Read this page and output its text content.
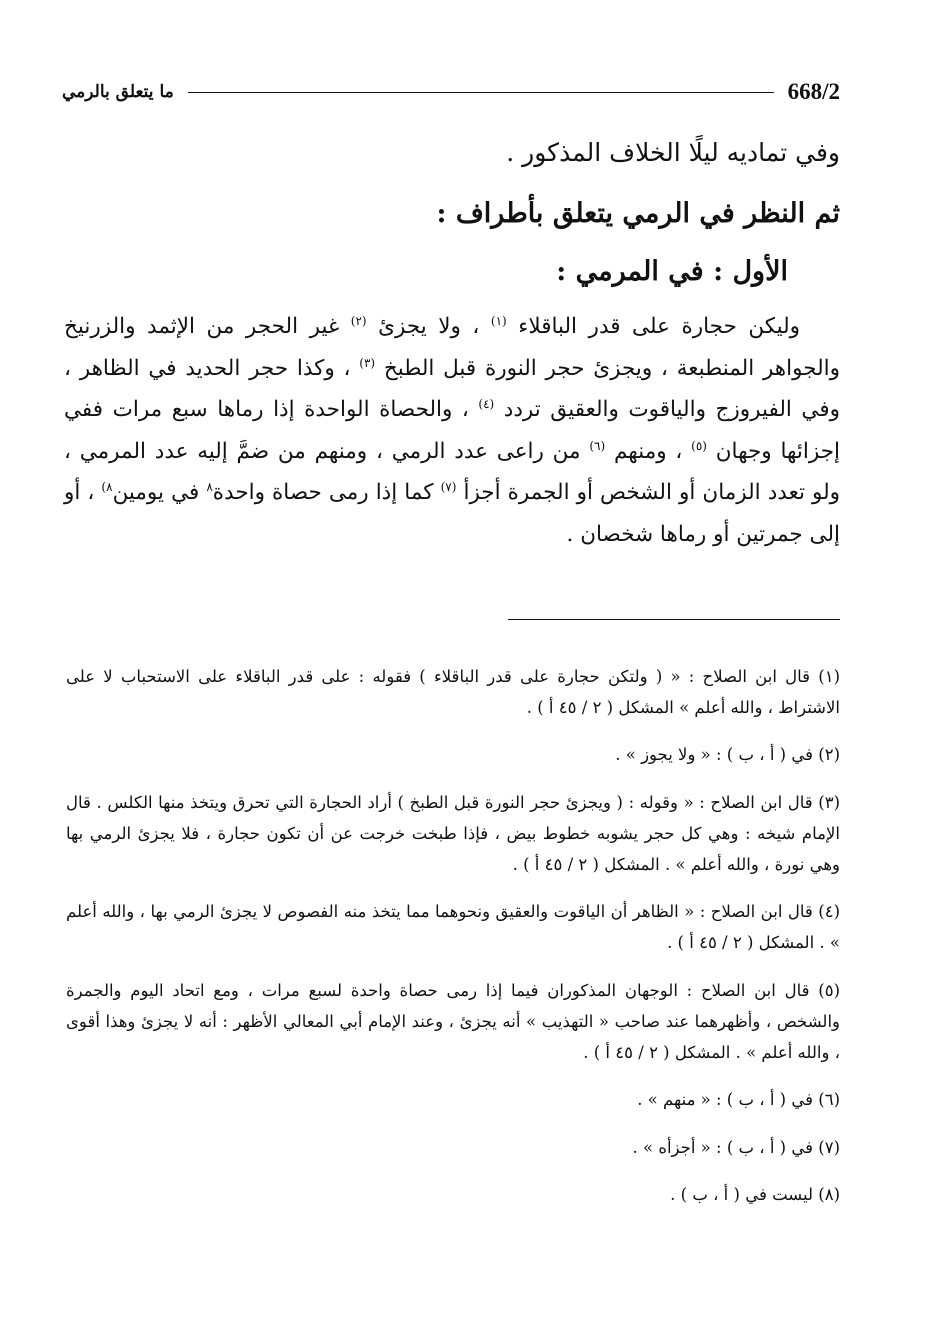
668/2
ما يتعلق بالرمي
وفي تماديه ليلًا الخلاف المذكور .
ثم النظر في الرمي يتعلق بأطراف :
الأول : في المرمي :

وليكن حجارة على قدر الباقلاء $^{(١)}$ ، ولا يجزئ $^{(٢)}$ غير الحجر من الإثمد والزرنيخ والجواهر المنطبعة ، ويجزئ حجر النورة قبل الطبخ $^{(٣)}$ ، وكذا حجر الحديد في الظاهر ، وفي الفيروزج والياقوت والعقيق تردد $^{(٤)}$ ، والحصاة الواحدة إذا رماها سبع مرات ففي إجزائها وجهان $^{(٥)}$ ، ومنهم $^{(٦)}$ من راعى عدد الرمي ، ومنهم من ضمَّ إليه عدد المرمي ، ولو تعدد الزمان أو الشخص أو الجمرة أجزأ $^{(٧)}$ كما إذا رمى حصاة واحدة$^٨$ في يومين$^{٨)}$ ، أو إلى جمرتين أو رماها شخصان .

(١) قال ابن الصلاح : « ( ولتكن حجارة على قدر الباقلاء ) فقوله : على قدر الباقلاء على الاستحباب لا على الاشتراط ، والله أعلم » المشكل ( ٢ / ٤٥ أ ) .

(٢) في ( أ ، ب ) : « ولا يجوز » .

(٣) قال ابن الصلاح : « وقوله : ( ويجزئ حجر النورة قبل الطبخ ) أراد الحجارة التي تحرق ويتخذ منها الكلس . قال الإمام شيخه : وهي كل حجر يشوبه خطوط بيض ، فإذا طبخت خرجت عن أن تكون حجارة ، فلا يجزئ الرمي بها وهي نورة ، والله أعلم » . المشكل ( ٢ / ٤٥ أ ) .

(٤) قال ابن الصلاح : « الظاهر أن الياقوت والعقيق ونحوهما مما يتخذ منه الفصوص لا يجزئ الرمي بها ، والله أعلم » . المشكل ( ٢ / ٤٥ أ ) .

(٥) قال ابن الصلاح : الوجهان المذكوران فيما إذا رمى حصاة واحدة لسبع مرات ، ومع اتحاد اليوم والجمرة والشخص ، وأظهرهما عند صاحب « التهذيب » أنه يجزئ ، وعند الإمام أبي المعالي الأظهر : أنه لا يجزئ وهذا أقوى ، والله أعلم » . المشكل ( ٢ / ٤٥ أ ) .

(٦) في ( أ ، ب ) : « منهم » .

(٧) في ( أ ، ب ) : « أجزأه » .

(٨) ليست في ( أ ، ب ) .
